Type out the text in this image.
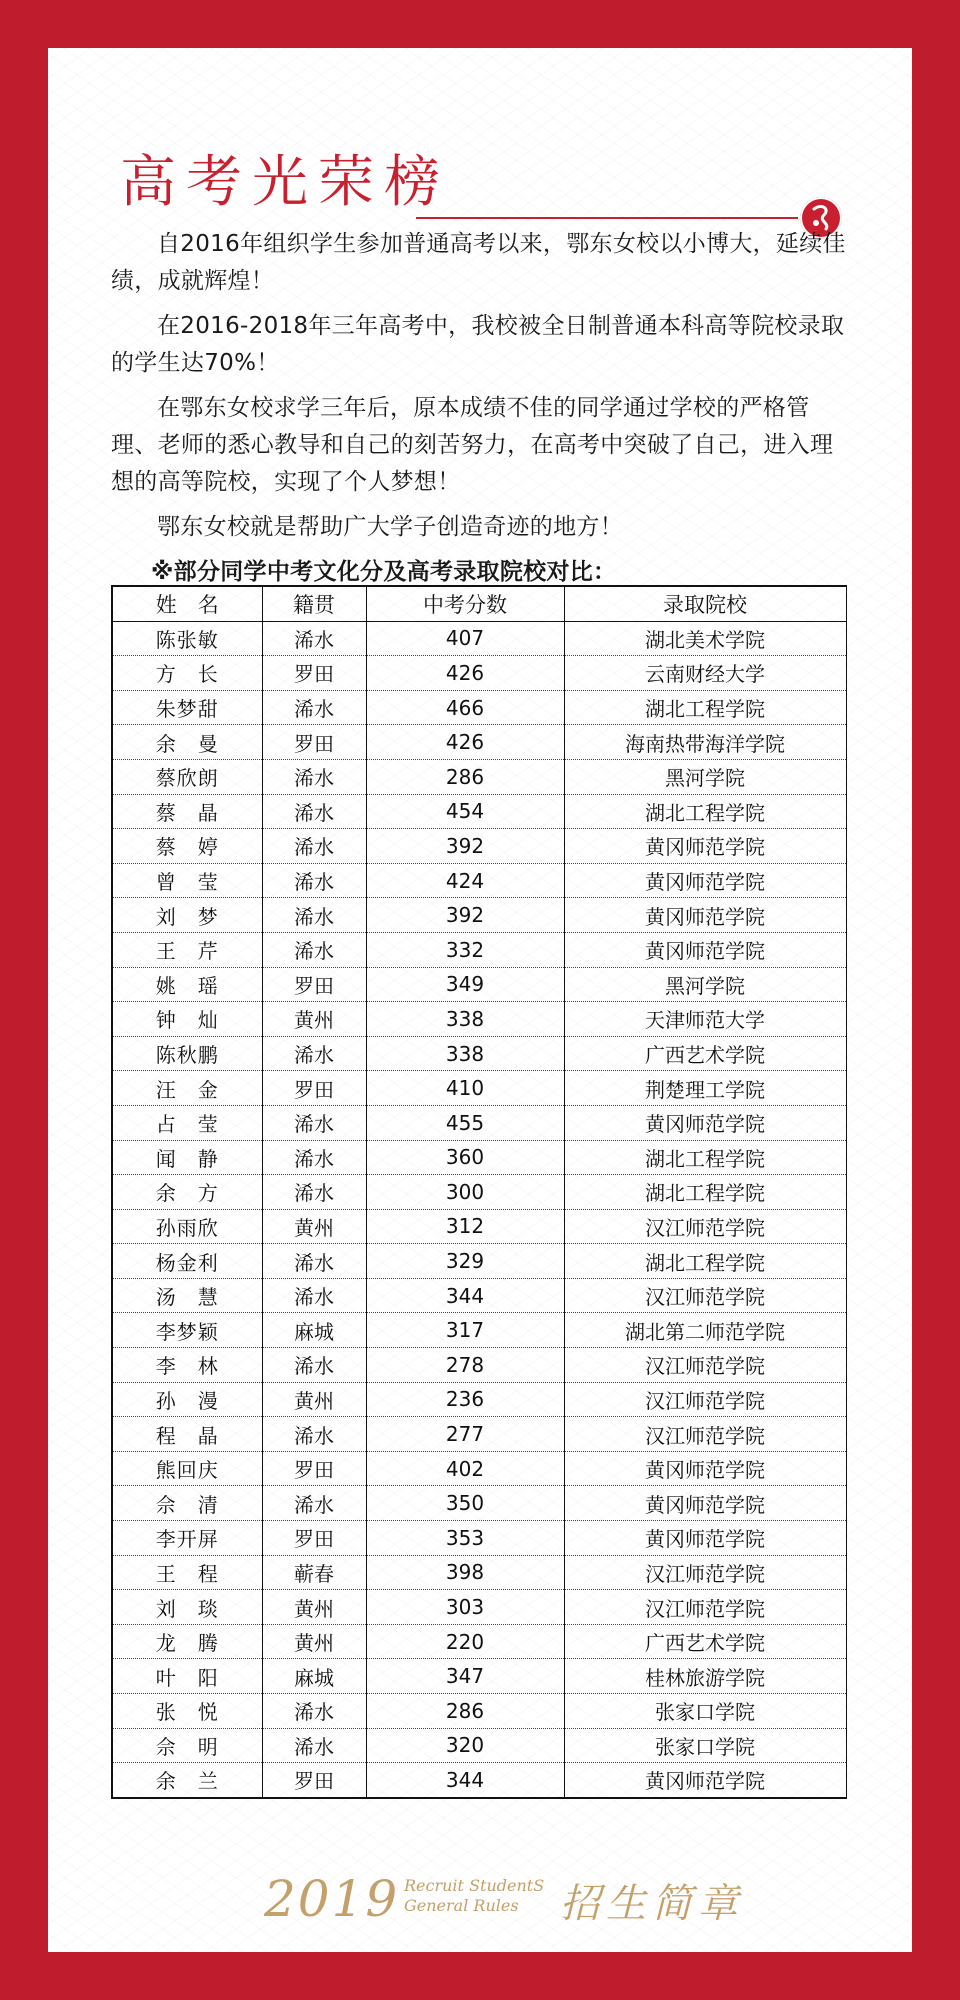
高考光荣榜

自2016年组织学生参加普通高考以来，鄂东女校以小博大，延续佳绩，成就辉煌！

在2016-2018年三年高考中，我校被全日制普通本科高等院校录取的学生达70%！

在鄂东女校求学三年后，原本成绩不佳的同学通过学校的严格管理、老师的悉心教导和自己的刻苦努力，在高考中突破了自己，进入理想的高等院校，实现了个人梦想！

鄂东女校就是帮助广大学子创造奇迹的地方！

※部分同学中考文化分及高考录取院校对比：

姓　名	籍贯	中考分数	录取院校
陈张敏	浠水	407	湖北美术学院
方　长	罗田	426	云南财经大学
朱梦甜	浠水	466	湖北工程学院
余　曼	罗田	426	海南热带海洋学院
蔡欣朗	浠水	286	黑河学院
蔡　晶	浠水	454	湖北工程学院
蔡　婷	浠水	392	黄冈师范学院
曾　莹	浠水	424	黄冈师范学院
刘　梦	浠水	392	黄冈师范学院
王　芹	浠水	332	黄冈师范学院
姚　瑶	罗田	349	黑河学院
钟　灿	黄州	338	天津师范大学
陈秋鹏	浠水	338	广西艺术学院
汪　金	罗田	410	荆楚理工学院
占　莹	浠水	455	黄冈师范学院
闻　静	浠水	360	湖北工程学院
余　方	浠水	300	湖北工程学院
孙雨欣	黄州	312	汉江师范学院
杨金利	浠水	329	湖北工程学院
汤　慧	浠水	344	汉江师范学院
李梦颖	麻城	317	湖北第二师范学院
李　林	浠水	278	汉江师范学院
孙　漫	黄州	236	汉江师范学院
程　晶	浠水	277	汉江师范学院
熊回庆	罗田	402	黄冈师范学院
佘　清	浠水	350	黄冈师范学院
李开屏	罗田	353	黄冈师范学院
王　程	蕲春	398	汉江师范学院
刘　琰	黄州	303	汉江师范学院
龙　腾	黄州	220	广西艺术学院
叶　阳	麻城	347	桂林旅游学院
张　悦	浠水	286	张家口学院
佘　明	浠水	320	张家口学院
余　兰	罗田	344	黄冈师范学院
2019 Recruit StudentS
General Rules	招生简章
